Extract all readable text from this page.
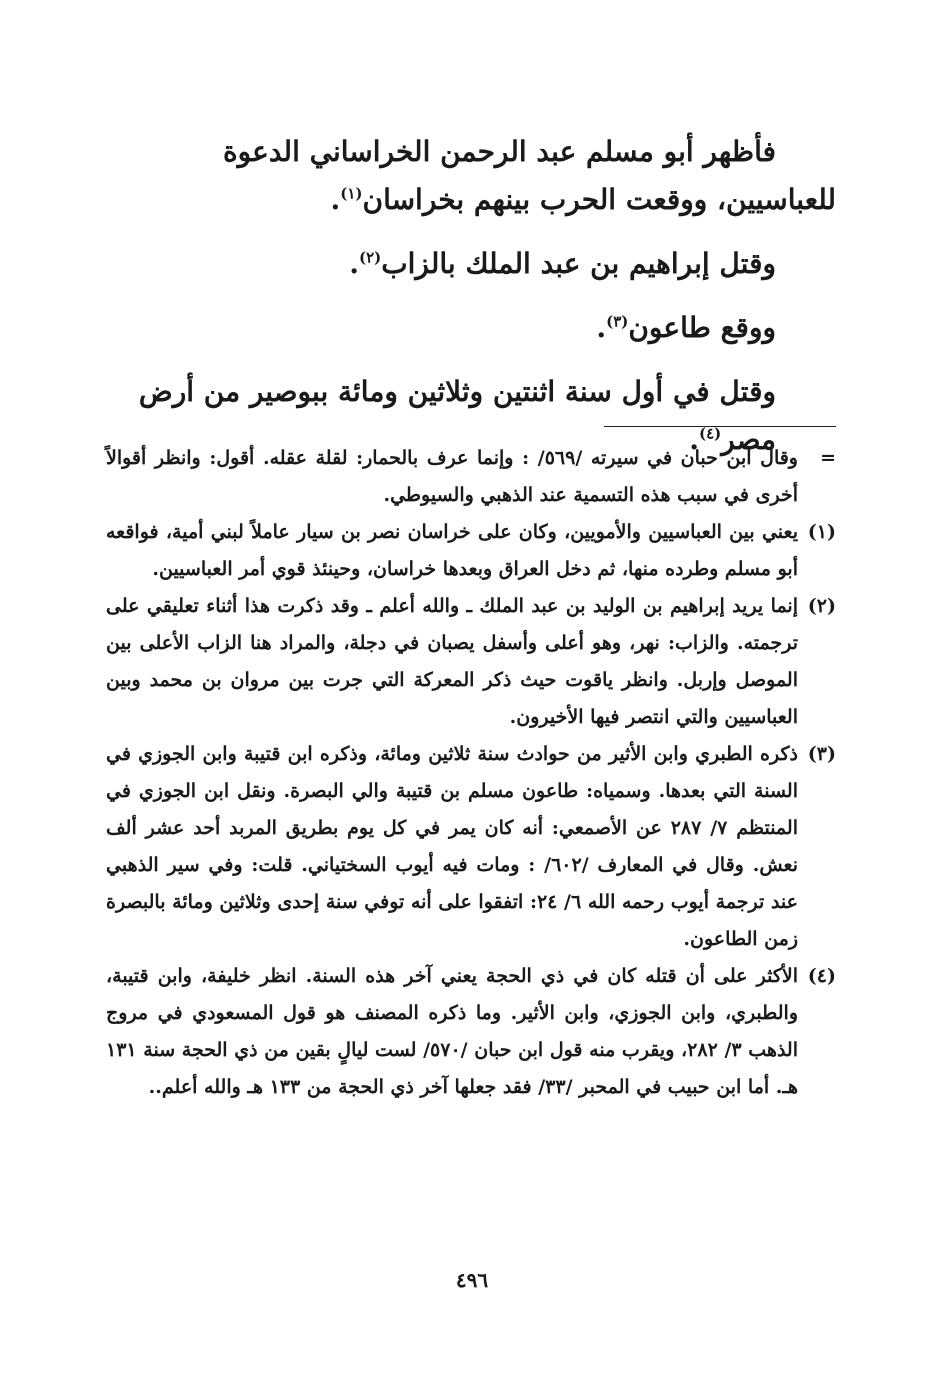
فأظهر أبو مسلم عبد الرحمن الخراساني الدعوة للعباسيين، ووقعت الحرب بينهم بخراسان$^{(١)}$.

وقتل إبراهيم بن عبد الملك بالزاب$^{(٢)}$.

ووقع طاعون$^{(٣)}$.

وقتل في أول سنة اثنتين وثلاثين ومائة ببوصير من أرض مصر$^{(٤)}$.

=
وقال ابن حبان في سيرته /٥٦٩/ : وإنما عرف بالحمار: لقلة عقله. أقول: وانظر أقوالاً أخرى في سبب هذه التسمية عند الذهبي والسيوطي.
(١)
يعني بين العباسيين والأمويين، وكان على خراسان نصر بن سيار عاملاً لبني أمية، فواقعه أبو مسلم وطرده منها، ثم دخل العراق وبعدها خراسان، وحينئذ قوي أمر العباسيين.
(٢)
إنما يريد إبراهيم بن الوليد بن عبد الملك ـ والله أعلم ـ وقد ذكرت هذا أثناء تعليقي على ترجمته. والزاب: نهر، وهو أعلى وأسفل يصبان في دجلة، والمراد هنا الزاب الأعلى بين الموصل وإربل. وانظر ياقوت حيث ذكر المعركة التي جرت بين مروان بن محمد وبين العباسيين والتي انتصر فيها الأخيرون.
(٣)
ذكره الطبري وابن الأثير من حوادث سنة ثلاثين ومائة، وذكره ابن قتيبة وابن الجوزي في السنة التي بعدها. وسمياه: طاعون مسلم بن قتيبة والي البصرة. ونقل ابن الجوزي في المنتظم ٧/ ٢٨٧ عن الأصمعي: أنه كان يمر في كل يوم بطريق المربد أحد عشر ألف نعش. وقال في المعارف /٦٠٢/ : ومات فيه أيوب السختياني. قلت: وفي سير الذهبي عند ترجمة أيوب رحمه الله ٦/ ٢٤: اتفقوا على أنه توفي سنة إحدى وثلاثين ومائة بالبصرة زمن الطاعون.
(٤)
الأكثر على أن قتله كان في ذي الحجة يعني آخر هذه السنة. انظر خليفة، وابن قتيبة، والطبري، وابن الجوزي، وابن الأثير. وما ذكره المصنف هو قول المسعودي في مروج الذهب ٣/ ٢٨٢، ويقرب منه قول ابن حبان /٥٧٠/ لست ليالٍ بقين من ذي الحجة سنة ١٣١ هـ. أما ابن حبيب في المحبر /٣٣/ فقد جعلها آخر ذي الحجة من ١٣٣ هـ والله أعلم..
٤٩٦
